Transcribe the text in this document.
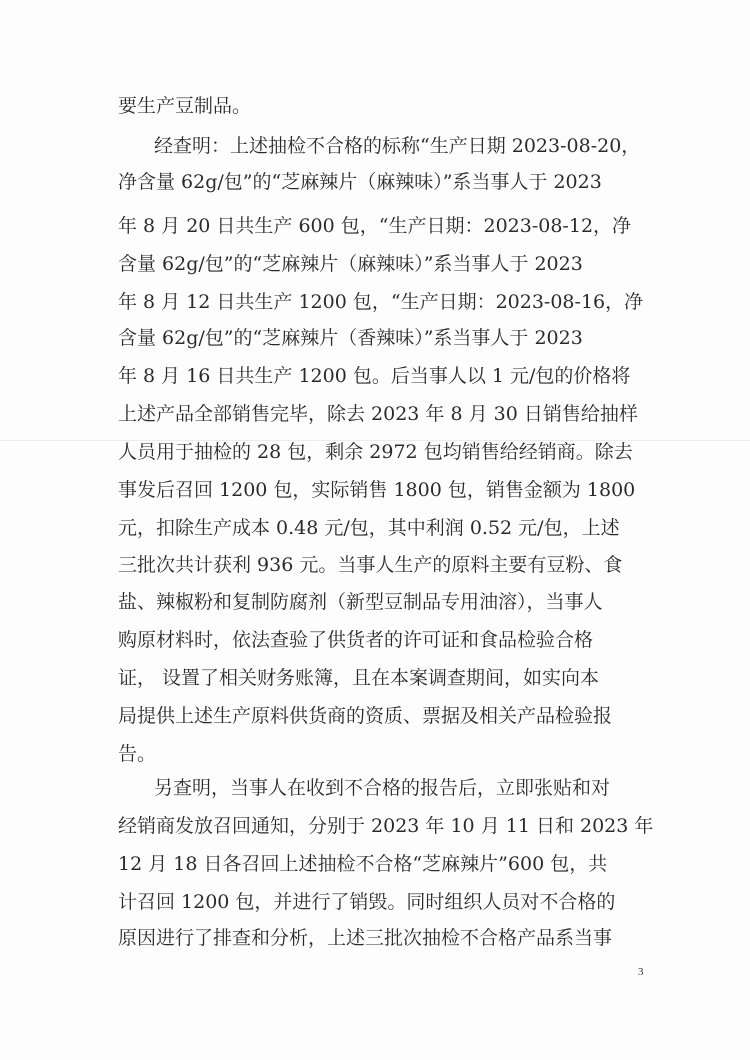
要生产豆制品。
经查明：上述抽检不合格的标称“生产日期 2023-08-20，
净含量 62g/包”的“芝麻辣片（麻辣味）”系当事人于 2023
年 8 月 20 日共生产 600 包，“生产日期：2023-08-12，净
含量 62g/包”的“芝麻辣片（麻辣味）”系当事人于 2023
年 8 月 12 日共生产 1200 包，“生产日期：2023-08-16，净
含量 62g/包”的“芝麻辣片（香辣味）”系当事人于 2023
年 8 月 16 日共生产 1200 包。后当事人以 1 元/包的价格将
上述产品全部销售完毕，除去 2023 年 8 月 30 日销售给抽样
人员用于抽检的 28 包，剩余 2972 包均销售给经销商。除去
事发后召回 1200 包，实际销售 1800 包，销售金额为 1800
元，扣除生产成本 0.48 元/包，其中利润 0.52 元/包，上述
三批次共计获利 936 元。当事人生产的原料主要有豆粉、食
盐、辣椒粉和复制防腐剂（新型豆制品专用油溶），当事人
购原材料时，依法查验了供货者的许可证和食品检验合格
证， 设置了相关财务账簿，且在本案调查期间，如实向本
局提供上述生产原料供货商的资质、票据及相关产品检验报
告。
另查明，当事人在收到不合格的报告后，立即张贴和对
经销商发放召回通知，分别于 2023 年 10 月 11 日和 2023 年
12 月 18 日各召回上述抽检不合格“芝麻辣片”600 包，共
计召回 1200 包，并进行了销毁。同时组织人员对不合格的
原因进行了排查和分析，上述三批次抽检不合格产品系当事
3
